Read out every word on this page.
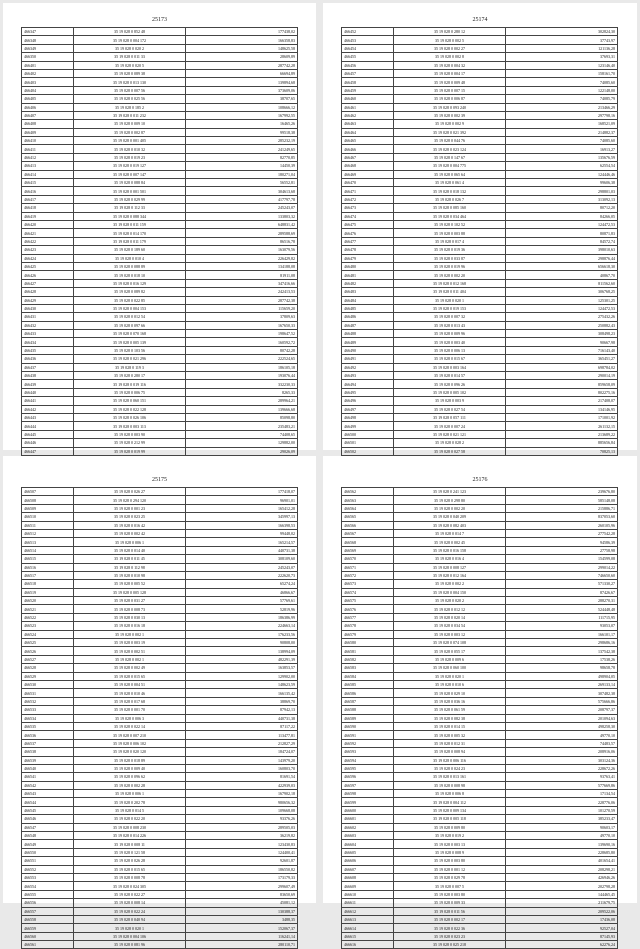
25173
466347	35 19 028 0 852 48	177438,02
466348	35 19 028 0 004 172	166358,83
466349	35 19 028 0 020 2	148625,58
466350	35 19 028 0 011 33	28609,89
466401	35 19 028 0 020 5	287742,28
466402	35 19 028 0 089 38	66694,89
466403	35 19 028 0 013 130	139894,68
466404	35 19 028 0 007 56	373609,06
466405	35 19 028 0 025 56	38707,65
466406	35 19 028 0 185 2	108666,12
466407	35 19 028 0 011 232	167992,55
466408	35 19 028 0 009 10	16465,26
466409	35 19 028 0 002 87	99518,38
466410	35 19 028 0 001 405	285232,19
466411	35 19 028 0 010 32	241249,65
466412	35 19 028 0 019 23	82770,85
466413	35 19 028 0 019 127	14450,39
466414	35 19 028 0 007 147	180271,04
466415	35 19 028 0 088 84	56552,81
466416	35 19 028 0 001 501	304613,68
466417	35 19 028 0 029 99	417797,78
466418	35 19 028 0 112 33	245243,07
466419	35 19 028 0 088 344	133803,32
466420	35 19 028 0 011 159	648831,42
466421	35 19 028 0 014 170	289588,69
466422	35 19 028 0 011 179	86516,78
466423	35 19 028 0 189 60	163079,56
466424	35 19 028 0 010 4	226429,82
466425	35 19 028 0 088 89	134188,08
466426	35 19 028 0 018 10	81911,08
466427	35 19 028 0 016 129	347416,66
466428	35 19 028 0 089 82	242413,53
466429	35 19 028 0 022 85	287742,38
466430	35 19 028 0 004 153	115659,20
466431	35 19 028 0 012 54	37809,63
466432	35 19 028 0 097 66	167650,33
466433	35 19 028 0 070 168	198647,52
466434	35 19 028 0 005 139	160592,72
466435	35 19 028 0 103 56	80742,28
466436	35 19 028 0 021 296	222524,65
466437	35 19 028 0 119 3	186105,18
466438	35 19 028 0 280 17	193076,44
466439	35 19 028 0 019 116	332230,33
466440	35 19 028 0 006 75	8265,33
466441	35 19 028 0 060 151	289964,21
466442	35 19 028 0 022 128	139666,68
466443	35 19 028 0 026 106	85098,80
466444	35 19 028 0 003 113	235483,21
466445	35 19 028 0 003 90	74408,65
466446	35 19 028 0 212 99	129882,00
466447	35 19 028 0 019 99	29026,09

25174
466452	35 19 028 0 280 12	302824,30
466453	35 19 028 0 002 5	37743,97
466454	35 19 028 0 002 27	121136,28
466455	35 19 028 0 002 8	37693,31
466456	35 19 028 0 004 32	123146,40
466457	35 19 028 0 004 17	158161,70
466458	35 19 028 0 009 48	74085,60
466459	35 19 028 0 007 15	122148,00
466460	35 19 028 0 006 87	74085,79
466461	35 19 028 0 093 240	213466,29
466462	35 19 028 0 002 39	297798,16
466463	35 19 028 0 002 9	168521,09
466464	35 19 028 0 021 392	214882,37
466465	35 19 028 0 044 76	74085,60
466466	35 19 028 0 023 124	16913,27
466467	35 19 028 0 147 67	135676,59
466468	35 19 028 0 004 775	62554,54
466469	35 19 028 0 065 64	124446,46
466470	35 19 028 0 061 4	99606,38
466471	35 19 028 0 018 132	298801,03
466472	35 19 028 0 026 7	313092,13
466473	35 19 028 0 085 160	80712,20
466474	35 19 028 0 034 464	84266,05
466475	35 19 028 0 102 52	124472,53
466476	35 19 028 0 003 88	80871,83
466477	35 19 028 0 017 4	84572,74
466478	35 19 028 0 019 36	398010,63
466479	35 19 028 0 033 87	298876,44
466480	35 19 028 0 019 96	656618,30
466481	35 19 028 0 002 20	40867,70
466482	35 19 028 0 012 168	811562,60
466483	35 19 028 0 011 404	306768,25
466484	35 19 028 0 020 1	125301,25
466485	35 19 028 0 019 153	124472,53
466486	35 19 028 0 007 32	275432,26
466487	35 19 028 0 013 43	250882,43
466488	35 19 028 0 009 96	308498,23
466489	35 19 028 0 003 40	90667,98
466490	35 19 028 0 006 13	716143,40
466491	35 19 028 0 015 67	365451,27
466492	35 19 028 0 003 164	698784,02
466493	35 19 028 0 014 57	290014,19
466494	35 19 028 0 096 26	859658,09
466495	35 19 028 0 005 102	802275,16
466496	35 19 028 0 003 9	217408,07
466497	35 19 028 0 027 54	134146,95
466498	35 19 028 0 057 111	171001,92
466499	35 19 028 0 007 24	261132,15
466500	35 19 028 0 021 121	213689,22
466501	35 19 028 0 028 2	885656,84
466502	35 19 028 0 027 58	70825,13

25175
466507	35 19 028 0 026 27	177418,07
466508	35 19 028 0 294 120	96901,01
466509	35 19 028 0 001 23	165412,28
466510	35 19 028 0 023 25	345997,13
466511	35 19 028 0 016 42	166398,53
466512	35 19 028 0 002 42	99448,02
466513	35 19 028 0 006 1	165214,57
466514	35 19 028 0 014 40	440731,38
466515	35 19 028 0 011 45	308109,60
466516	35 19 028 0 112 98	245243,07
466517	35 19 028 0 010 98	222620,73
466518	35 19 028 0 005 52	65274,24
466519	35 19 028 0 005 128	46866,67
466520	35 19 028 0 031 27	57769,61
466521	35 19 028 0 008 73	52819,96
466522	35 19 028 0 030 13	186386,99
466523	35 19 028 0 016 18	224663,14
466524	35 19 028 0 002 1	176233,56
466525	35 19 028 0 003 19	90808,00
466526	35 19 028 0 002 51	138994,09
466527	35 19 028 0 002 1	482291,39
466528	35 19 028 0 002 49	163853,57
466529	35 19 028 0 015 65	129902,00
466530	35 19 028 0 004 51	148623,59
466531	35 19 028 0 010 46	166135,42
466532	35 19 028 0 017 68	38869,70
466533	35 19 028 0 001 70	87942,13
466534	35 19 028 0 006 3	440731,38
466535	35 19 028 0 022 14	87117,22
466536	35 19 028 0 007 210	113477,81
466537	35 19 028 0 006 102	212827,29
466538	35 19 028 0 020 120	184724,07
466539	35 19 028 0 018 89	143979,20
466540	35 19 028 0 009 40	160803,70
466541	35 19 028 0 096 62	81691,54
466542	35 19 028 0 002 28	422939,03
466543	35 19 028 0 006 1	167902,18
466544	35 19 028 0 202 78	980656,32
466545	35 19 028 0 014 5	109668,08
466546	35 19 028 0 022 20	93376,26
466547	35 19 028 0 008 230	289505,03
466548	35 19 028 0 014 226	36219,82
466549	35 19 028 0 008 11	123430,83
466550	35 19 028 0 121 58	124400,41
466551	35 19 028 0 026 28	92601,87
466552	35 19 028 0 015 65	186550,82
466553	35 19 028 0 008 78	173179,33
466554	35 19 028 0 024 305	299607,49
466555	35 19 028 0 022 27	83650,69
466556	35 19 028 0 008 14	45081,12
466557	35 19 028 0 022 24	130388,37
466558	35 19 028 0 040 94	3488,35
466559	35 19 028 0 020 1	152067,37
466560	35 19 028 0 004 106	116241,14
466561	35 19 028 0 081 96	280110,71
25176
466562	35 19 028 0 241 123	239676,80
466563	35 19 028 0 298 80	585148,08
466564	35 19 028 0 002 20	215886,71
466565	35 19 028 0 040 209	837053,60
466566	35 19 028 0 082 403	260105,96
466567	35 19 028 0 014 7	277542,28
466568	35 19 028 0 002 45	94586,39
466569	35 19 028 0 016 158	27758,98
466570	35 19 028 0 016 4	154599,08
466571	35 19 028 0 008 127	299014,22
466572	35 19 028 0 012 164	746650,60
466573	35 19 028 0 002 2	571330,27
466574	35 19 028 0 004 150	87426,67
466575	35 19 028 0 020 2	288270,31
466576	35 19 028 0 012 12	524448,48
466577	35 19 028 0 020 14	111715,95
466578	35 19 028 0 034 54	93053,07
466579	35 19 028 0 003 12	166101,17
466580	35 19 028 0 074 108	298686,16
466581	35 19 028 0 055 17	137542,38
466582	35 19 028 0 009 6	17538,26
466583	35 19 028 0 060 100	98658,78
466584	35 19 028 0 020 1	498904,05
466585	35 19 028 0 010 6	269133,14
466586	35 19 028 0 029 10	307482,38
466587	35 19 028 0 036 16	575666,86
466588	35 19 028 0 061 59	208797,37
466589	35 19 028 0 082 38	201094,63
466590	35 19 028 0 014 15	498258,30
466591	35 19 028 0 005 32	49770,10
466592	35 19 028 0 012 31	74483,57
466593	35 19 028 0 008 94	208916,06
466594	35 19 028 0 006 116	303124,36
466595	35 19 028 0 024 23	228672,26
466596	35 19 028 0 013 161	93763,41
466597	35 19 028 0 008 98	577669,86
466598	35 19 028 0 006 8	17134,54
466599	35 19 028 0 004 112	228776,06
466600	35 19 028 0 009 134	101270,59
466601	35 19 028 0 005 118	385233,47
466602	35 19 028 0 009 80	90603,17
466603	35 19 028 0 019 2	49770,10
466604	35 19 028 0 003 13	139690,16
466605	35 19 028 0 008 9	228685,80
466606	35 19 028 0 003 80	401654,41
466607	35 19 028 0 001 12	208298,21
466608	35 19 028 0 029 78	426946,26
466609	35 19 028 0 007 5	202798,28
466610	35 19 028 0 003 80	144465,45
466611	35 19 028 0 009 33	211679,75
466612	35 19 028 0 011 56	209522,06
466613	35 19 028 0 002 17	17436,08
466614	35 19 028 0 022 36	92527,04
466615	35 19 028 0 023 23	87145,93
466616	35 19 028 0 025 218	62276,24
